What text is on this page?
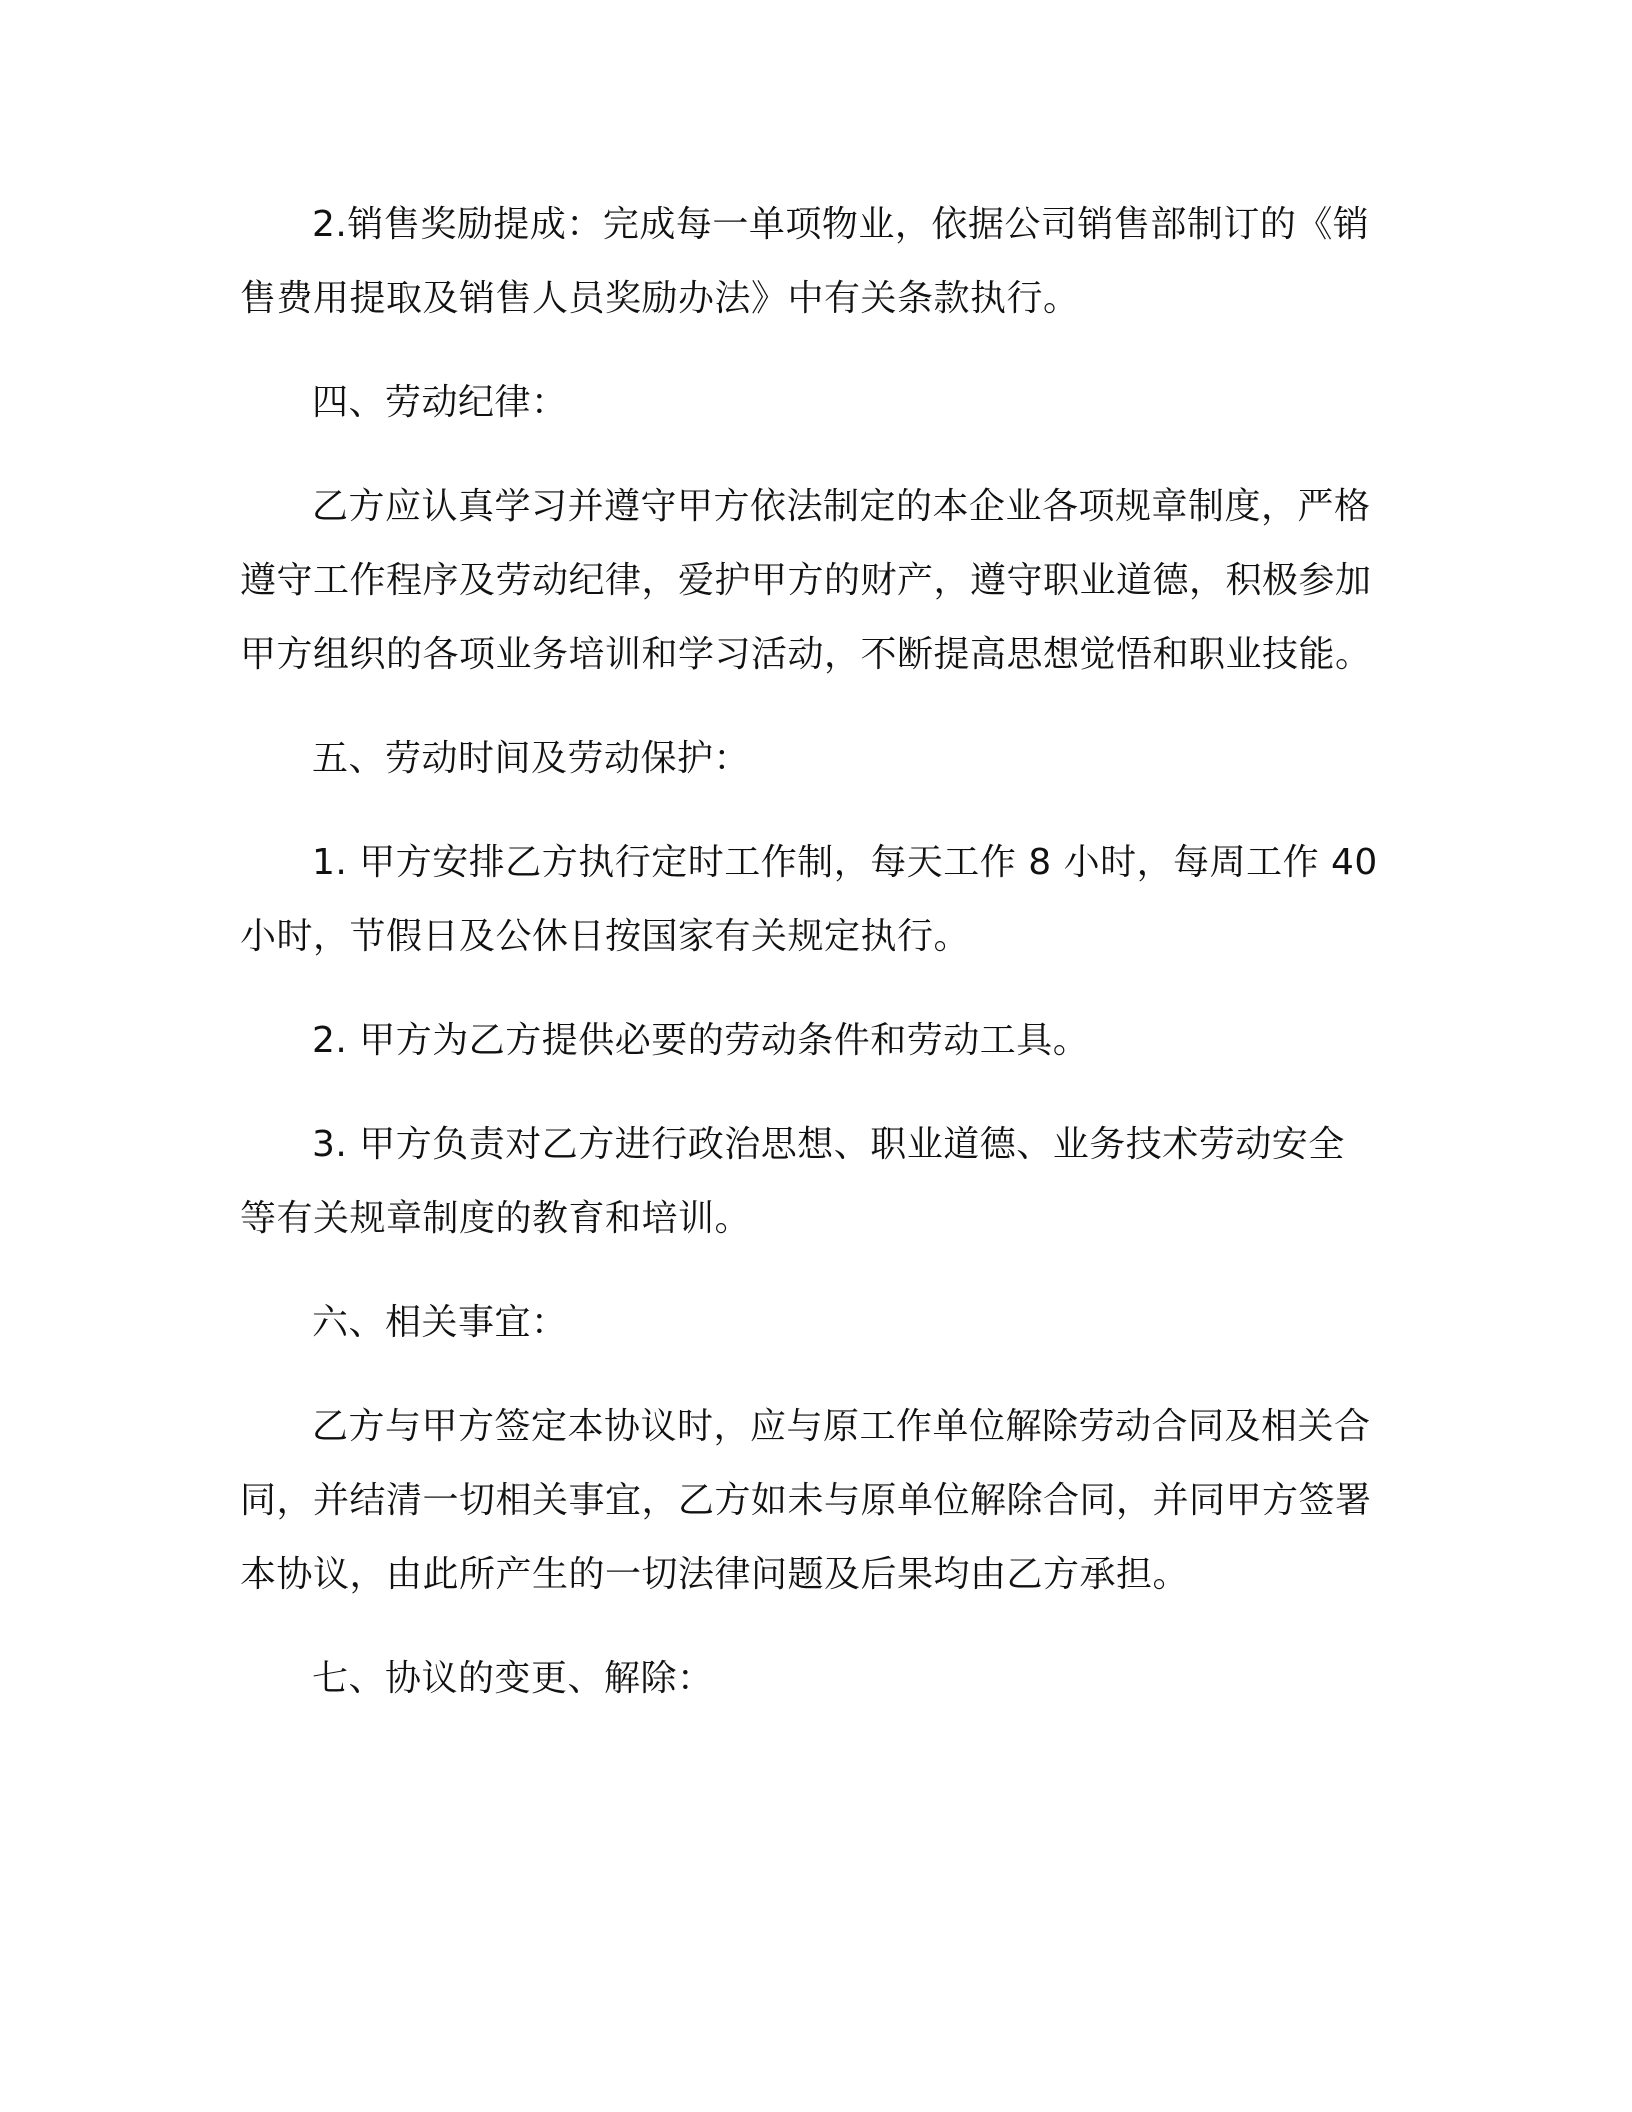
2.销售奖励提成：完成每一单项物业，依据公司销售部制订的《销售费用提取及销售人员奖励办法》中有关条款执行。

四、劳动纪律：

乙方应认真学习并遵守甲方依法制定的本企业各项规章制度，严格遵守工作程序及劳动纪律，爱护甲方的财产，遵守职业道德，积极参加甲方组织的各项业务培训和学习活动，不断提高思想觉悟和职业技能。

五、劳动时间及劳动保护：

1. 甲方安排乙方执行定时工作制，每天工作 8 小时，每周工作 40 小时，节假日及公休日按国家有关规定执行。

2. 甲方为乙方提供必要的劳动条件和劳动工具。

3. 甲方负责对乙方进行政治思想、职业道德、业务技术劳动安全等有关规章制度的教育和培训。

六、相关事宜：

乙方与甲方签定本协议时，应与原工作单位解除劳动合同及相关合同，并结清一切相关事宜，乙方如未与原单位解除合同，并同甲方签署本协议，由此所产生的一切法律问题及后果均由乙方承担。

七、协议的变更、解除：
